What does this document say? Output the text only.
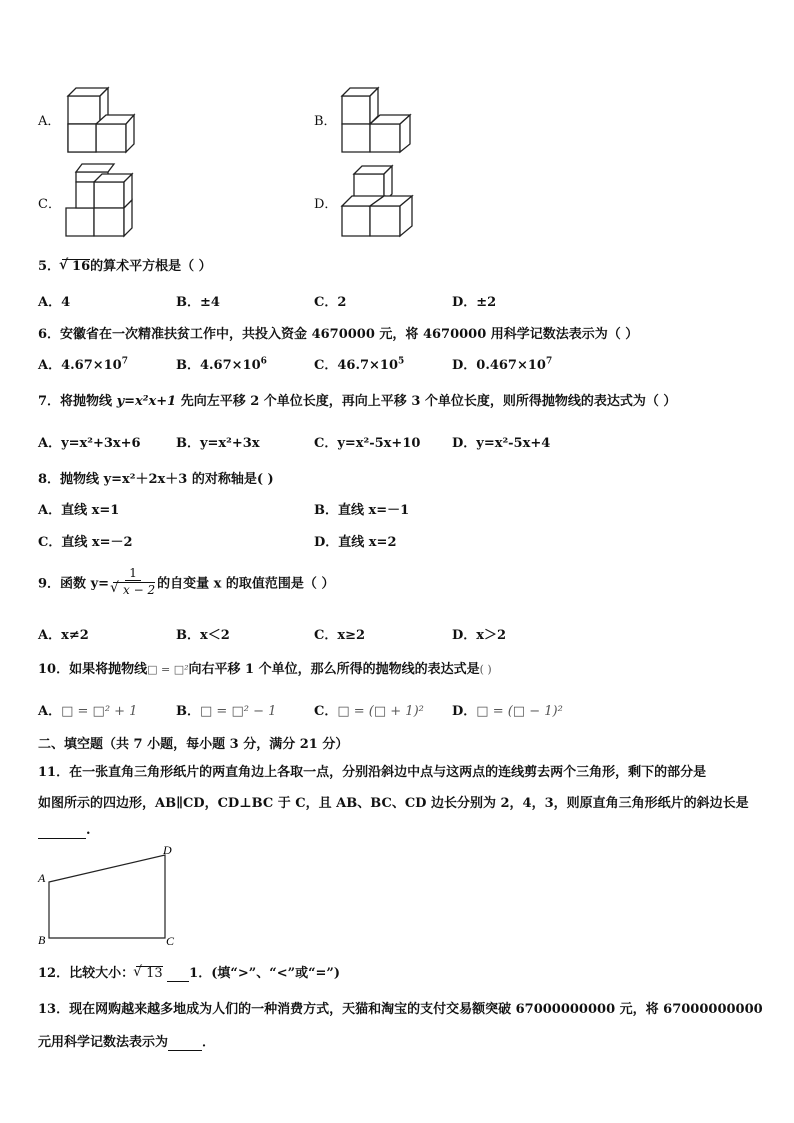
A．	B．
C．	D．
5． √ 16的算术平方根是（ ）
A．4	B．±4	C．2	D．±2
6．安徽省在一次精准扶贫工作中，共投入资金 4670000 元，将 4670000 用科学记数法表示为（ ）
A．$4.67\times 10^7$	B．$4.67\times 10^6$	C．$46.7\times 10^5$	D．$0.467\times 10^7$
7．将抛物线 y=x²x+1 先向左平移 2 个单位长度，再向上平移 3 个单位长度，则所得抛物线的表达式为（ ）
A．y=x²+3x+6	B．y=x²+3x	C．y=x²-5x+10 D．y=x²-5x+4
8．抛物线 y=x²＋2x＋3 的对称轴是( )
A．直线 x=1	B．直线 x=－1
C．直线 x=－2	D．直线 x=2
9．函数 y= 1
√ x − 2 的自变量 x 的取值范围是（ ）
A．x≠2	B．x＜2	C．x≥2	D．x＞2
10．如果将抛物线□ = □²向右平移 1 个单位，那么所得的抛物线的表达式是( )
A．□ = □² + 1	B．□ = □² − 1	C．□ = (□ + 1)² D．□ = (□ − 1)²
二、填空题（共 7 小题，每小题 3 分，满分 21 分）
11．在一张直角三角形纸片的两直角边上各取一点，分别沿斜边中点与这两点的连线剪去两个三角形，剩下的部分是
如图所示的四边形，AB∥CD，CD⊥BC 于 C，且 AB、BC、CD 边长分别为 2，4，3，则原直角三角形纸片的斜边长是
.
A
B	C
D
12．比较大小： √ 13 1．(填“>”、“<”或“=”)
13．现在网购越来越多地成为人们的一种消费方式，天猫和淘宝的支付交易额突破 67000000000 元，将 67000000000
元用科学记数法表示为	．
